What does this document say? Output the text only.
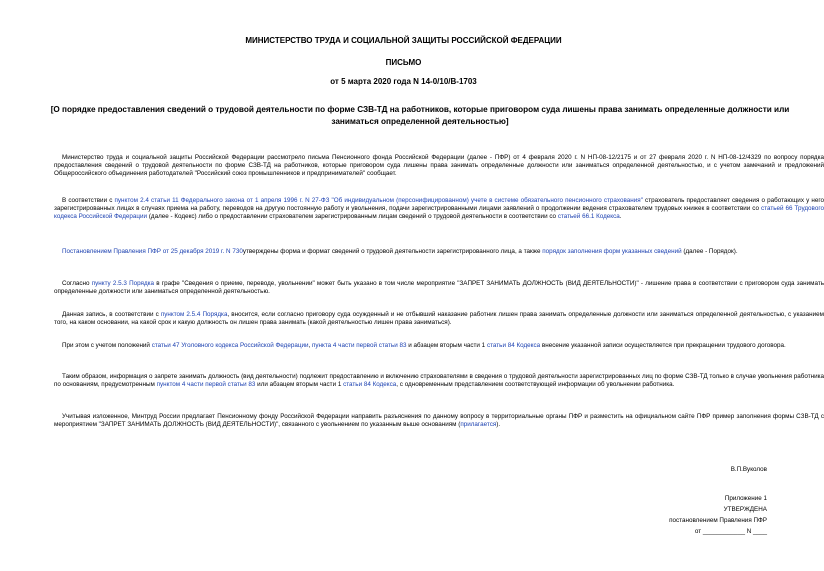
МИНИСТЕРСТВО ТРУДА И СОЦИАЛЬНОЙ ЗАЩИТЫ РОССИЙСКОЙ ФЕДЕРАЦИИ
ПИСЬМО
от 5 марта 2020 года N 14-0/10/В-1703
[О порядке предоставления сведений о трудовой деятельности по форме СЗВ-ТД на работников, которые приговором суда лишены права занимать определенные должности или заниматься определенной деятельностью]
Министерство труда и социальной защиты Российской Федерации рассмотрело письма Пенсионного фонда Российской Федерации (далее - ПФР) от 4 февраля 2020 г. N НП-08-12/2175 и от 27 февраля 2020 г. N НП-08-12/4329 по вопросу порядка предоставления сведений о трудовой деятельности по форме СЗВ-ТД на работников, которые приговором суда лишены права занимать определенные должности или заниматься определенной деятельностью, и с учетом замечаний и предложений Общероссийского объединения работодателей "Российский союз промышленников и предпринимателей" сообщает.
В соответствии с пунктом 2.4 статьи 11 Федерального закона от 1 апреля 1996 г. N 27-ФЗ "Об индивидуальном (персонифицированном) учете в системе обязательного пенсионного страхования" страхователь предоставляет сведения о работающих у него зарегистрированных лицах в случаях приема на работу, переводов на другую постоянную работу и увольнения, подачи зарегистрированными лицами заявлений о продолжении ведения страхователем трудовых книжек в соответствии со статьей 66 Трудового кодекса Российской Федерации (далее - Кодекс) либо о предоставлении страхователем зарегистрированным лицам сведений о трудовой деятельности в соответствии со статьей 66.1 Кодекса.
Постановлением Правления ПФР от 25 декабря 2019 г. N 730утверждены форма и формат сведений о трудовой деятельности зарегистрированного лица, а также порядок заполнения форм указанных сведений (далее - Порядок).
Согласно пункту 2.5.3 Порядка в графе "Сведения о приеме, переводе, увольнении" может быть указано в том числе мероприятие "ЗАПРЕТ ЗАНИМАТЬ ДОЛЖНОСТЬ (ВИД ДЕЯТЕЛЬНОСТИ)" - лишение права в соответствии с приговором суда занимать определенные должности или заниматься определенной деятельностью.
Данная запись, в соответствии с пунктом 2.5.4 Порядка, вносится, если согласно приговору суда осужденный и не отбывший наказание работник лишен права занимать определенные должности или заниматься определенной деятельностью, с указанием того, на каком основании, на какой срок и какую должность он лишен права занимать (какой деятельностью лишен права заниматься).
При этом с учетом положений статьи 47 Уголовного кодекса Российской Федерации, пункта 4 части первой статьи 83 и абзацем вторым части 1 статьи 84 Кодекса внесение указанной записи осуществляется при прекращении трудового договора.
Таким образом, информация о запрете занимать должность (вид деятельности) подлежит предоставлению и включению страхователями в сведения о трудовой деятельности зарегистрированных лиц по форме СЗВ-ТД только в случае увольнения работника по основаниям, предусмотренным пунктом 4 части первой статьи 83 или абзацем вторым части 1 статьи 84 Кодекса, с одновременным представлением соответствующей информации об увольнении работника.
Учитывая изложенное, Минтруд России предлагает Пенсионному фонду Российской Федерации направить разъяснения по данному вопросу в территориальные органы ПФР и разместить на официальном сайте ПФР пример заполнения формы СЗВ-ТД с мероприятием "ЗАПРЕТ ЗАНИМАТЬ ДОЛЖНОСТЬ (ВИД ДЕЯТЕЛЬНОСТИ)", связанного с увольнением по указанным выше основаниям (прилагается).
В.П.Вуколов
Приложение 1
УТВЕРЖДЕНА
постановлением Правления ПФР
от ____________ N ____
